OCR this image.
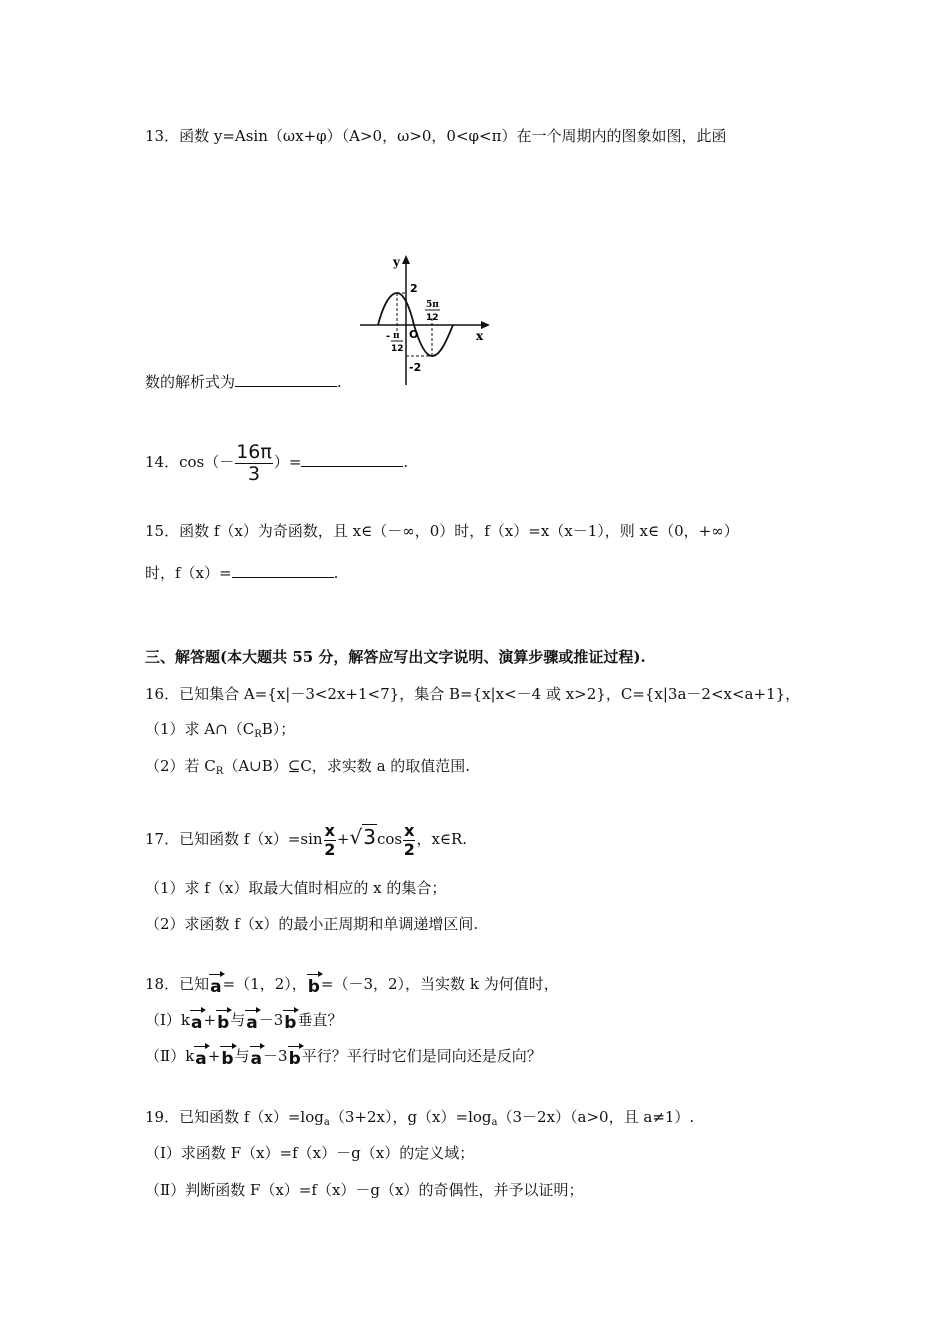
13．函数 y=Asin（ωx+φ）（A>0，ω>0，0<φ<π）在一个周期内的图象如图，此函
y
x
O
2
-2
- π
12
5π
12
数的解析式为	.
14．$\cos(- \frac{16\pi}{3}$ ）=	.
15．函数 f（x）为奇函数，且 x∈（－∞，0）时，f（x）=x（x－1），则 x∈（0，+∞）
时，f（x）=	.
三、解答题(本大题共 55 分，解答应写出文字说明、演算步骤或推证过程).
16．已知集合 A={x|－3<2x+1<7}，集合 B={x|x<－4 或 x>2}，C={x|3a－2<x<a+1}，
（1）求 $A\cap(C_RB)$；
（2）若 $C_R(A\cup B)⊆C$，求实数 a 的取值范围.
17．已知函数 $f(x)=\sin \frac{x}{2} +√3\cos \frac{x}{2}$ ，x∈R.
（1）求 f（x）取最大值时相应的 x 的集合；
（2）求函数 f（x）的最小正周期和单调递增区间.
18．已知a=（1，2），b=（－3，2），当实数 k 为何值时，
（Ⅰ）ka+b与a－3b垂直？
（Ⅱ）ka+b与a－3b平行？平行时它们是同向还是反向？
19．已知函数 $f(x)=\log_a(3+2x)$，$g(x)=\log_a(3-2x)(a>0$，且 a≠1）.
（Ⅰ）求函数 F（x）=f（x）－g（x）的定义域；
（Ⅱ）判断函数 F（x）=f（x）－g（x）的奇偶性，并予以证明；
